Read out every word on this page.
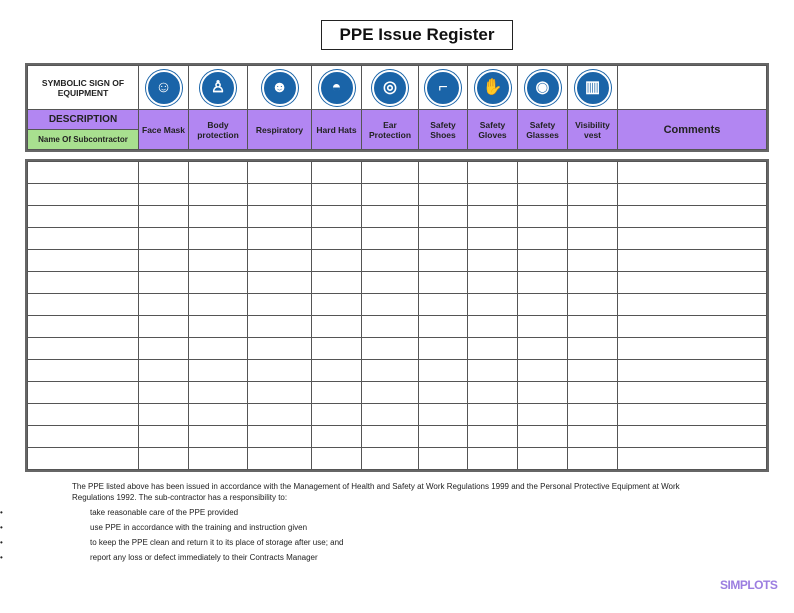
PPE Issue Register
SYMBOLIC SIGN OF EQUIPMENT	☺	♙	☻	◓	◎	⌐	✋	◉	▥	
DESCRIPTION	Face Mask	Body protection	Respiratory	Hard Hats	Ear Protection	Safety Shoes	Safety Gloves	Safety Glasses	Visibility vest	Comments
Name Of Subcontractor										

The PPE listed above has been issued in accordance with the Management of Health and Safety at Work Regulations 1999 and the Personal Protective Equipment at Work Regulations 1992. The sub-contractor has a responsibility to:
• take reasonable care of the PPE provided
• use PPE in accordance with the training and instruction given
• to keep the PPE clean and return it to its place of storage after use; and
• report any loss or defect immediately to their Contracts Manager
SIMPLOTS
